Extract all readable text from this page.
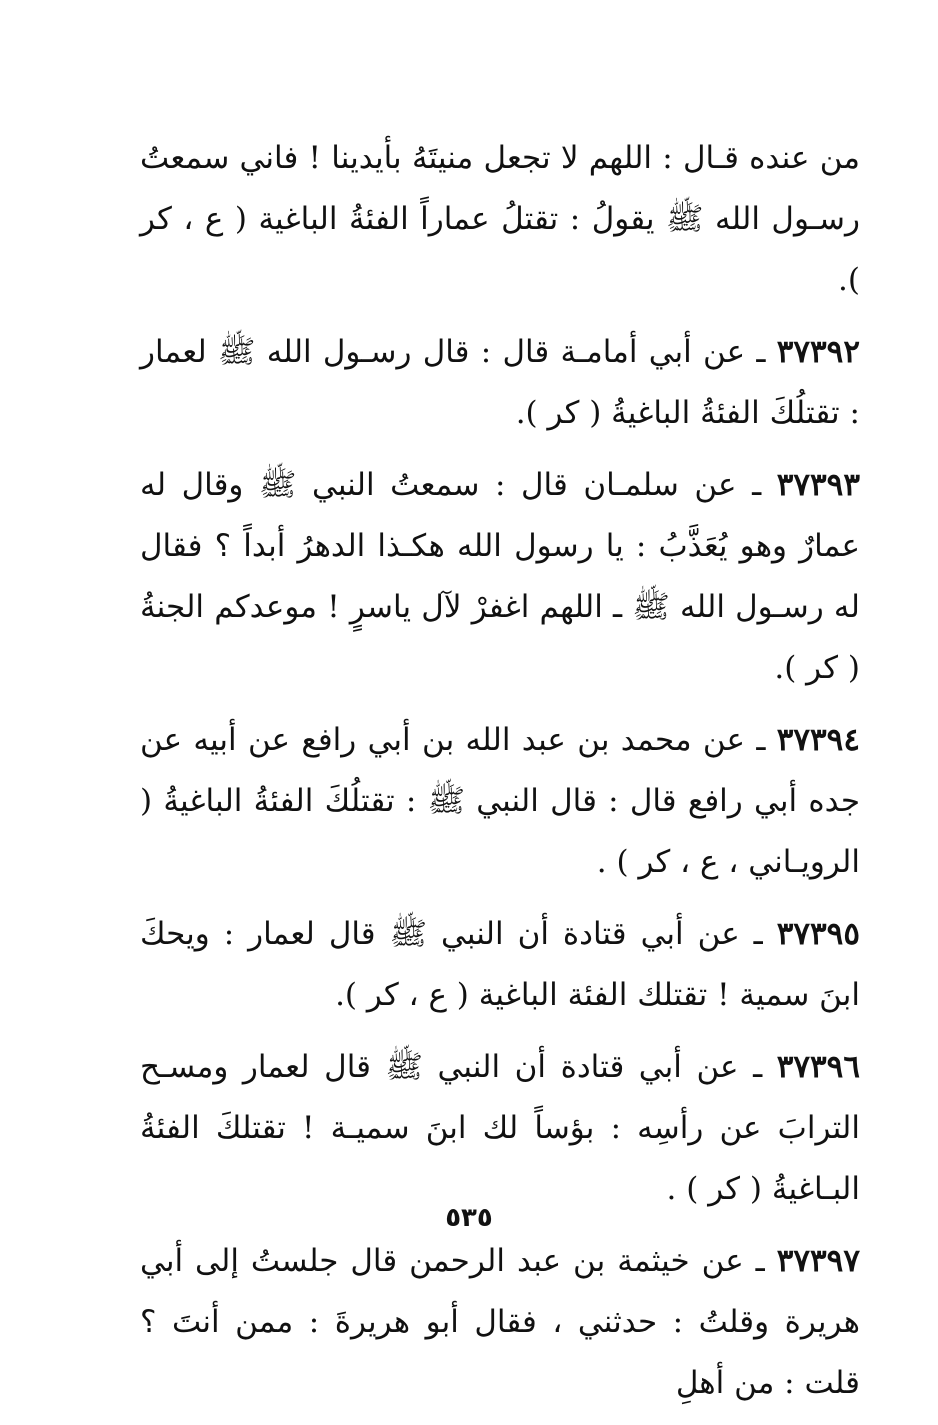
من عنده قـال : اللهم لا تجعل منيتَهُ بأيدينا ! فاني سمعتُ رسـول الله ﷺ يقولُ : تقتلُ عماراً الفئةُ الباغية ( ع ، كر ).

٣٧٣٩٢ ـ عن أبي أمامـة قال : قال رسـول الله ﷺ لعمار : تقتلُكَ الفئةُ الباغيةُ ( كر ).

٣٧٣٩٣ ـ عن سلمـان قال : سمعتُ النبي ﷺ وقال له عمارٌ وهو يُعَذَّبُ : يا رسول الله هكـذا الدهرُ أبداً ؟ فقال له رسـول الله ﷺ ـ اللهم اغفرْ لآل ياسرٍ ! موعدكم الجنةُ ( كر ).

٣٧٣٩٤ ـ عن محمد بن عبد الله بن أبي رافع عن أبيه عن جده أبي رافع قال : قال النبي ﷺ : تقتلُكَ الفئةُ الباغيةُ ( الرويـاني ، ع ، كر ) .

٣٧٣٩٥ ـ عن أبي قتادة أن النبي ﷺ قال لعمار : ويحكَ ابنَ سمية ! تقتلك الفئة الباغية ( ع ، كر ).

٣٧٣٩٦ ـ عن أبي قتادة أن النبي ﷺ قال لعمار ومسـح الترابَ عن رأسِه : بؤساً لك ابنَ سميـة ! تقتلكَ الفئةُ البـاغيةُ ( كر ) .

٣٧٣٩٧ ـ عن خيثمة بن عبد الرحمن قال جلستُ إلى أبي هريرة وقلتُ : حدثني ، فقال أبو هريرةَ : ممن أنتَ ؟ قلت : من أهلِ

٥٣٥
